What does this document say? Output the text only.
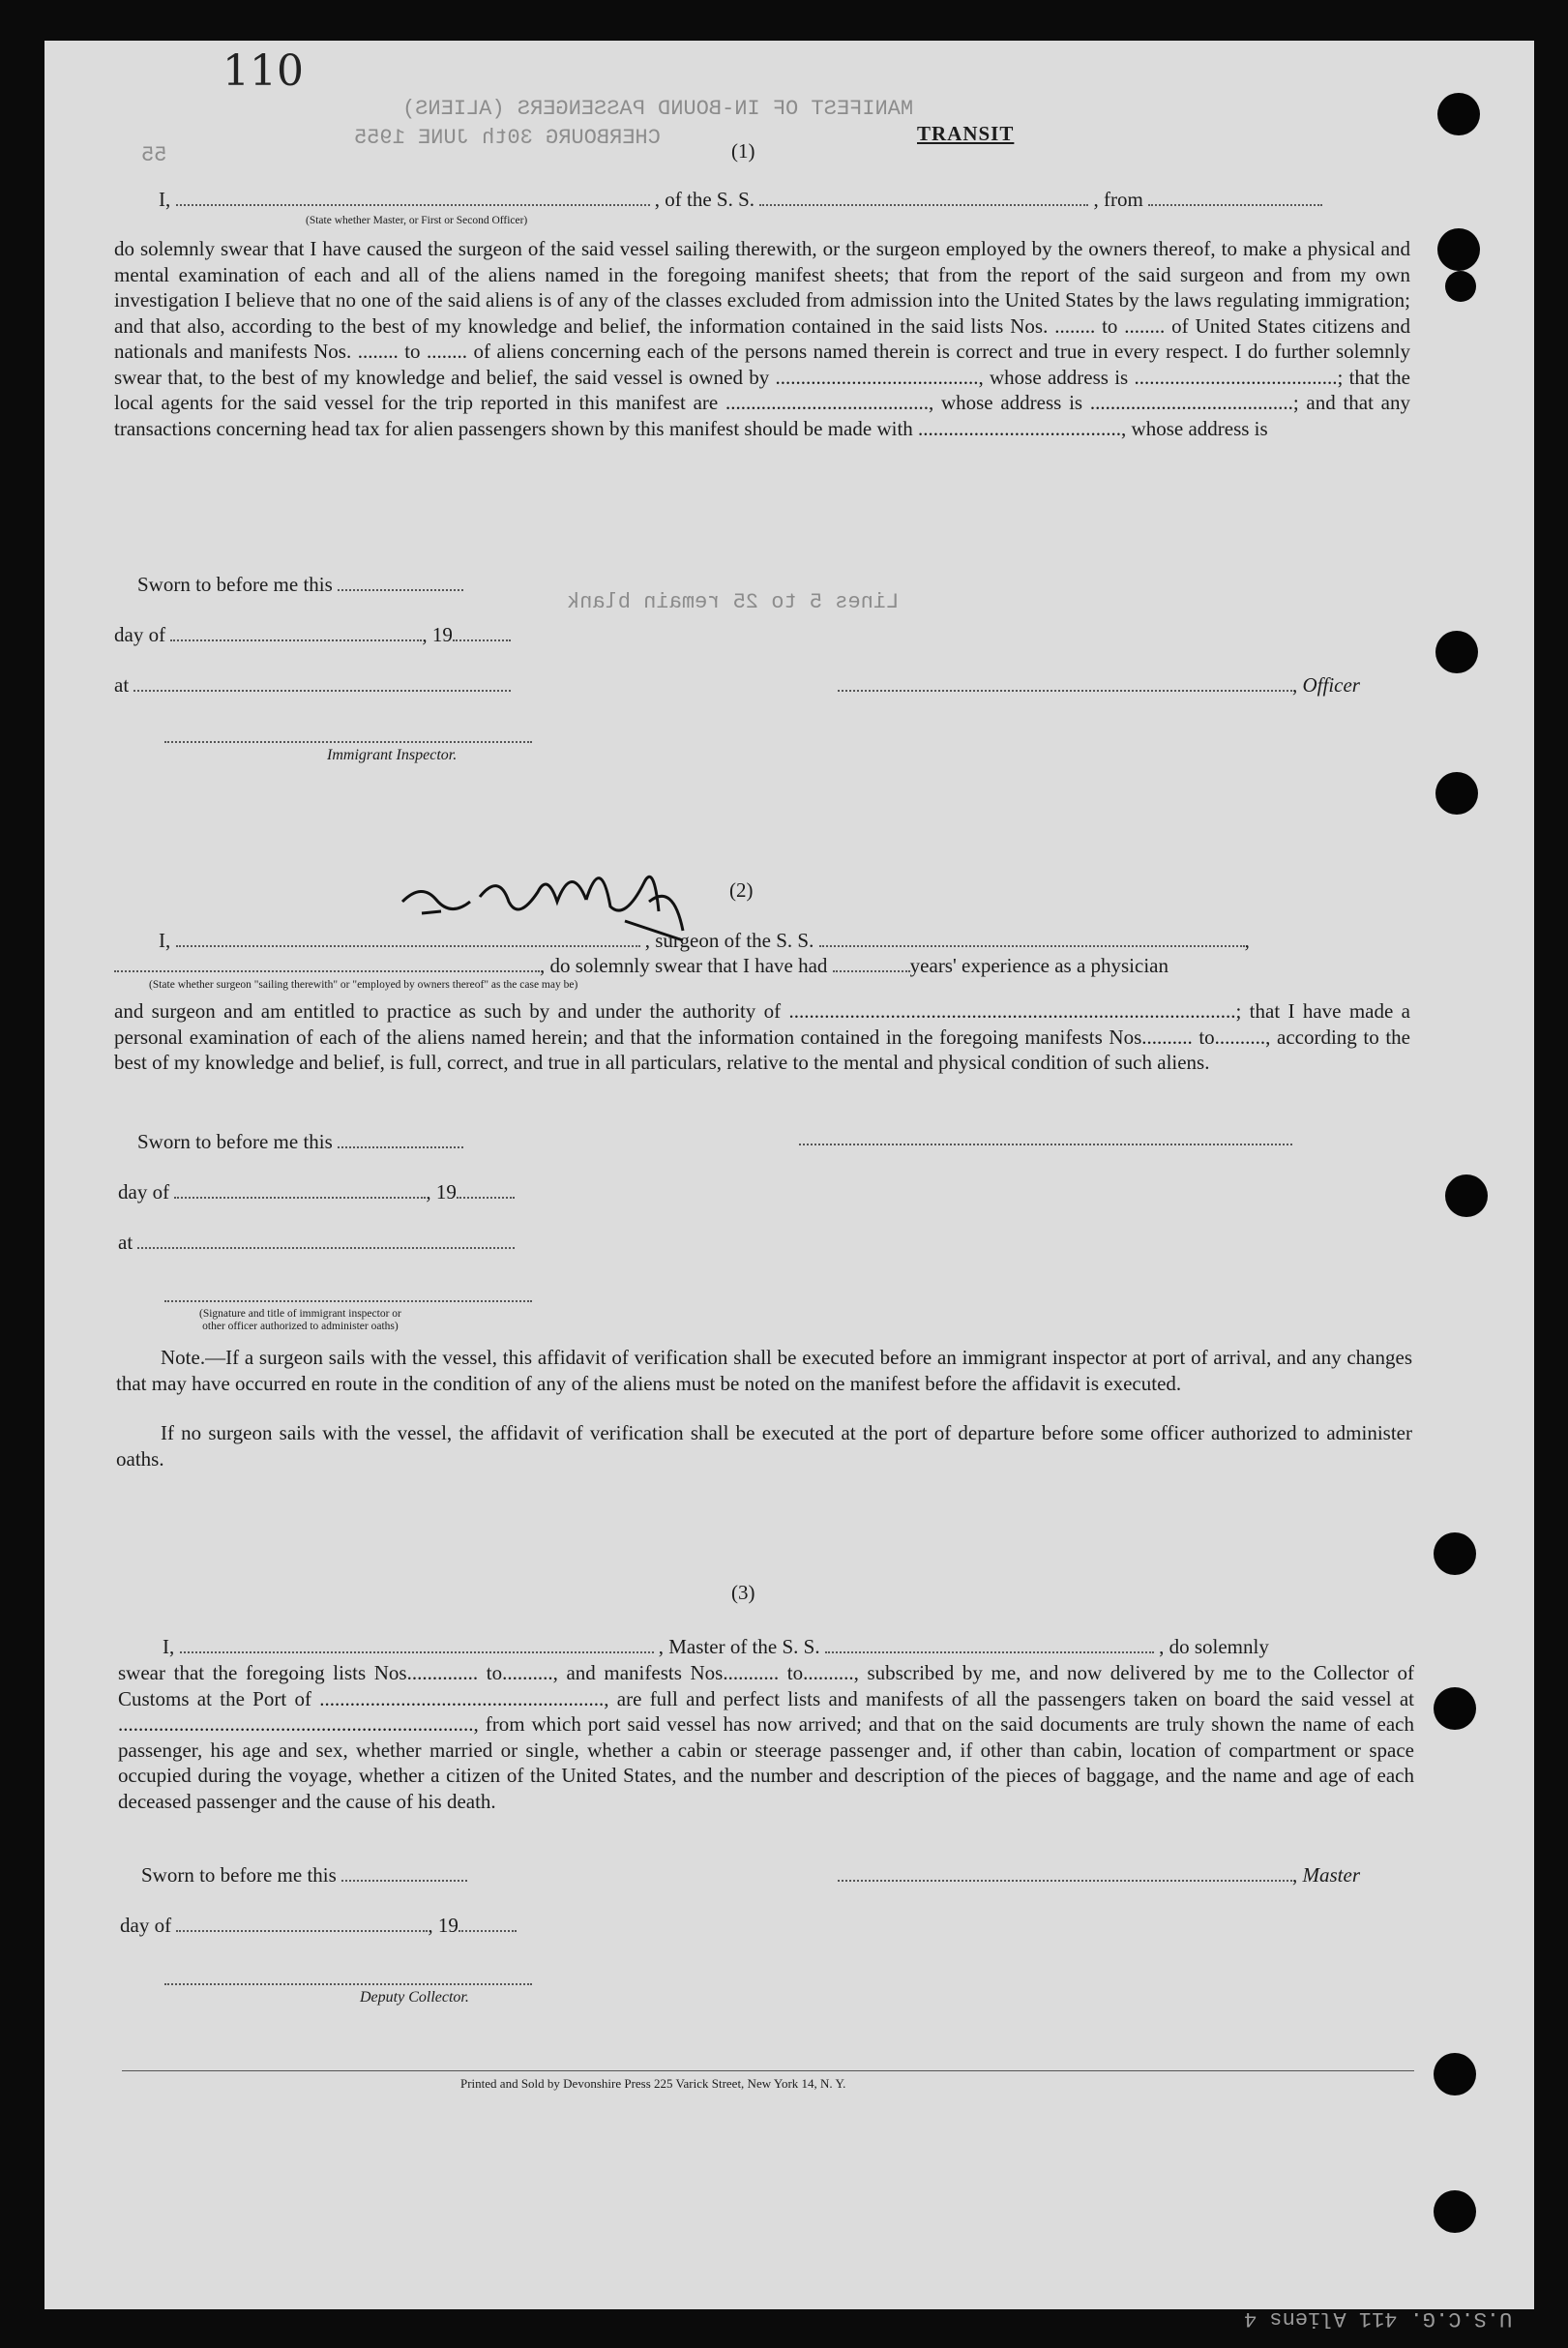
110
MANIFEST OF IN-BOUND PASSENGERS (ALIENS)
CHERBOURG 30th JUNE 1955
55
Lines 5 to 25 remain blank
U.S.C.G. 411 Aliens 4
(1)
TRANSIT
I,	, of the S. S.	, from
(State whether Master, or First or Second Officer)
do solemnly swear that I have caused the surgeon of the said vessel sailing therewith, or the surgeon employed by the owners thereof, to make a physical and mental examination of each and all of the aliens named in the foregoing manifest sheets; that from the report of the said surgeon and from my own investigation I believe that no one of the said aliens is of any of the classes excluded from admission into the United States by the laws regulating immigration; and that also, according to the best of my knowledge and belief, the information contained in the said lists Nos. ........ to ........ of United States citizens and nationals and manifests Nos. ........ to ........ of aliens concerning each of the persons named therein is correct and true in every respect. I do further solemnly swear that, to the best of my knowledge and belief, the said vessel is owned by ........................................, whose address is ........................................; that the local agents for the said vessel for the trip reported in this manifest are ........................................, whose address is ........................................; and that any transactions concerning head tax for alien passengers shown by this manifest should be made with ........................................, whose address is
Sworn to before me this
day of	, 19
at	, Officer
Immigrant Inspector.
(2)
I,	, surgeon of the S. S.	,
, do solemnly swear that I have had	years' experience as a physician
(State whether surgeon "sailing therewith" or "employed by owners thereof" as the case may be)
and surgeon and am entitled to practice as such by and under the authority of ........................................................................................; that I have made a personal examination of each of the aliens named herein; and that the information contained in the foregoing manifests Nos.......... to.........., according to the best of my knowledge and belief, is full, correct, and true in all particulars, relative to the mental and physical condition of such aliens.
Sworn to before me this
day of	, 19
at
(Signature and title of immigrant inspector or
other officer authorized to administer oaths)
Note.—If a surgeon sails with the vessel, this affidavit of verification shall be executed before an immigrant inspector at port of arrival, and any changes that may have occurred en route in the condition of any of the aliens must be noted on the manifest before the affidavit is executed.
If no surgeon sails with the vessel, the affidavit of verification shall be executed at the port of departure before some officer authorized to administer oaths.
(3)
I,	, Master of the S. S.	, do solemnly
swear that the foregoing lists Nos.............. to.........., and manifests Nos........... to.........., subscribed by me, and now delivered by me to the Collector of Customs at the Port of ........................................................, are full and perfect lists and manifests of all the passengers taken on board the said vessel at ......................................................................, from which port said vessel has now arrived; and that on the said documents are truly shown the name of each passenger, his age and sex, whether married or single, whether a cabin or steerage passenger and, if other than cabin, location of compartment or space occupied during the voyage, whether a citizen of the United States, and the number and description of the pieces of baggage, and the name and age of each deceased passenger and the cause of his death.
Sworn to before me this	, Master
day of	, 19
Deputy Collector.
Printed and Sold by Devonshire Press 225 Varick Street, New York 14, N. Y.
